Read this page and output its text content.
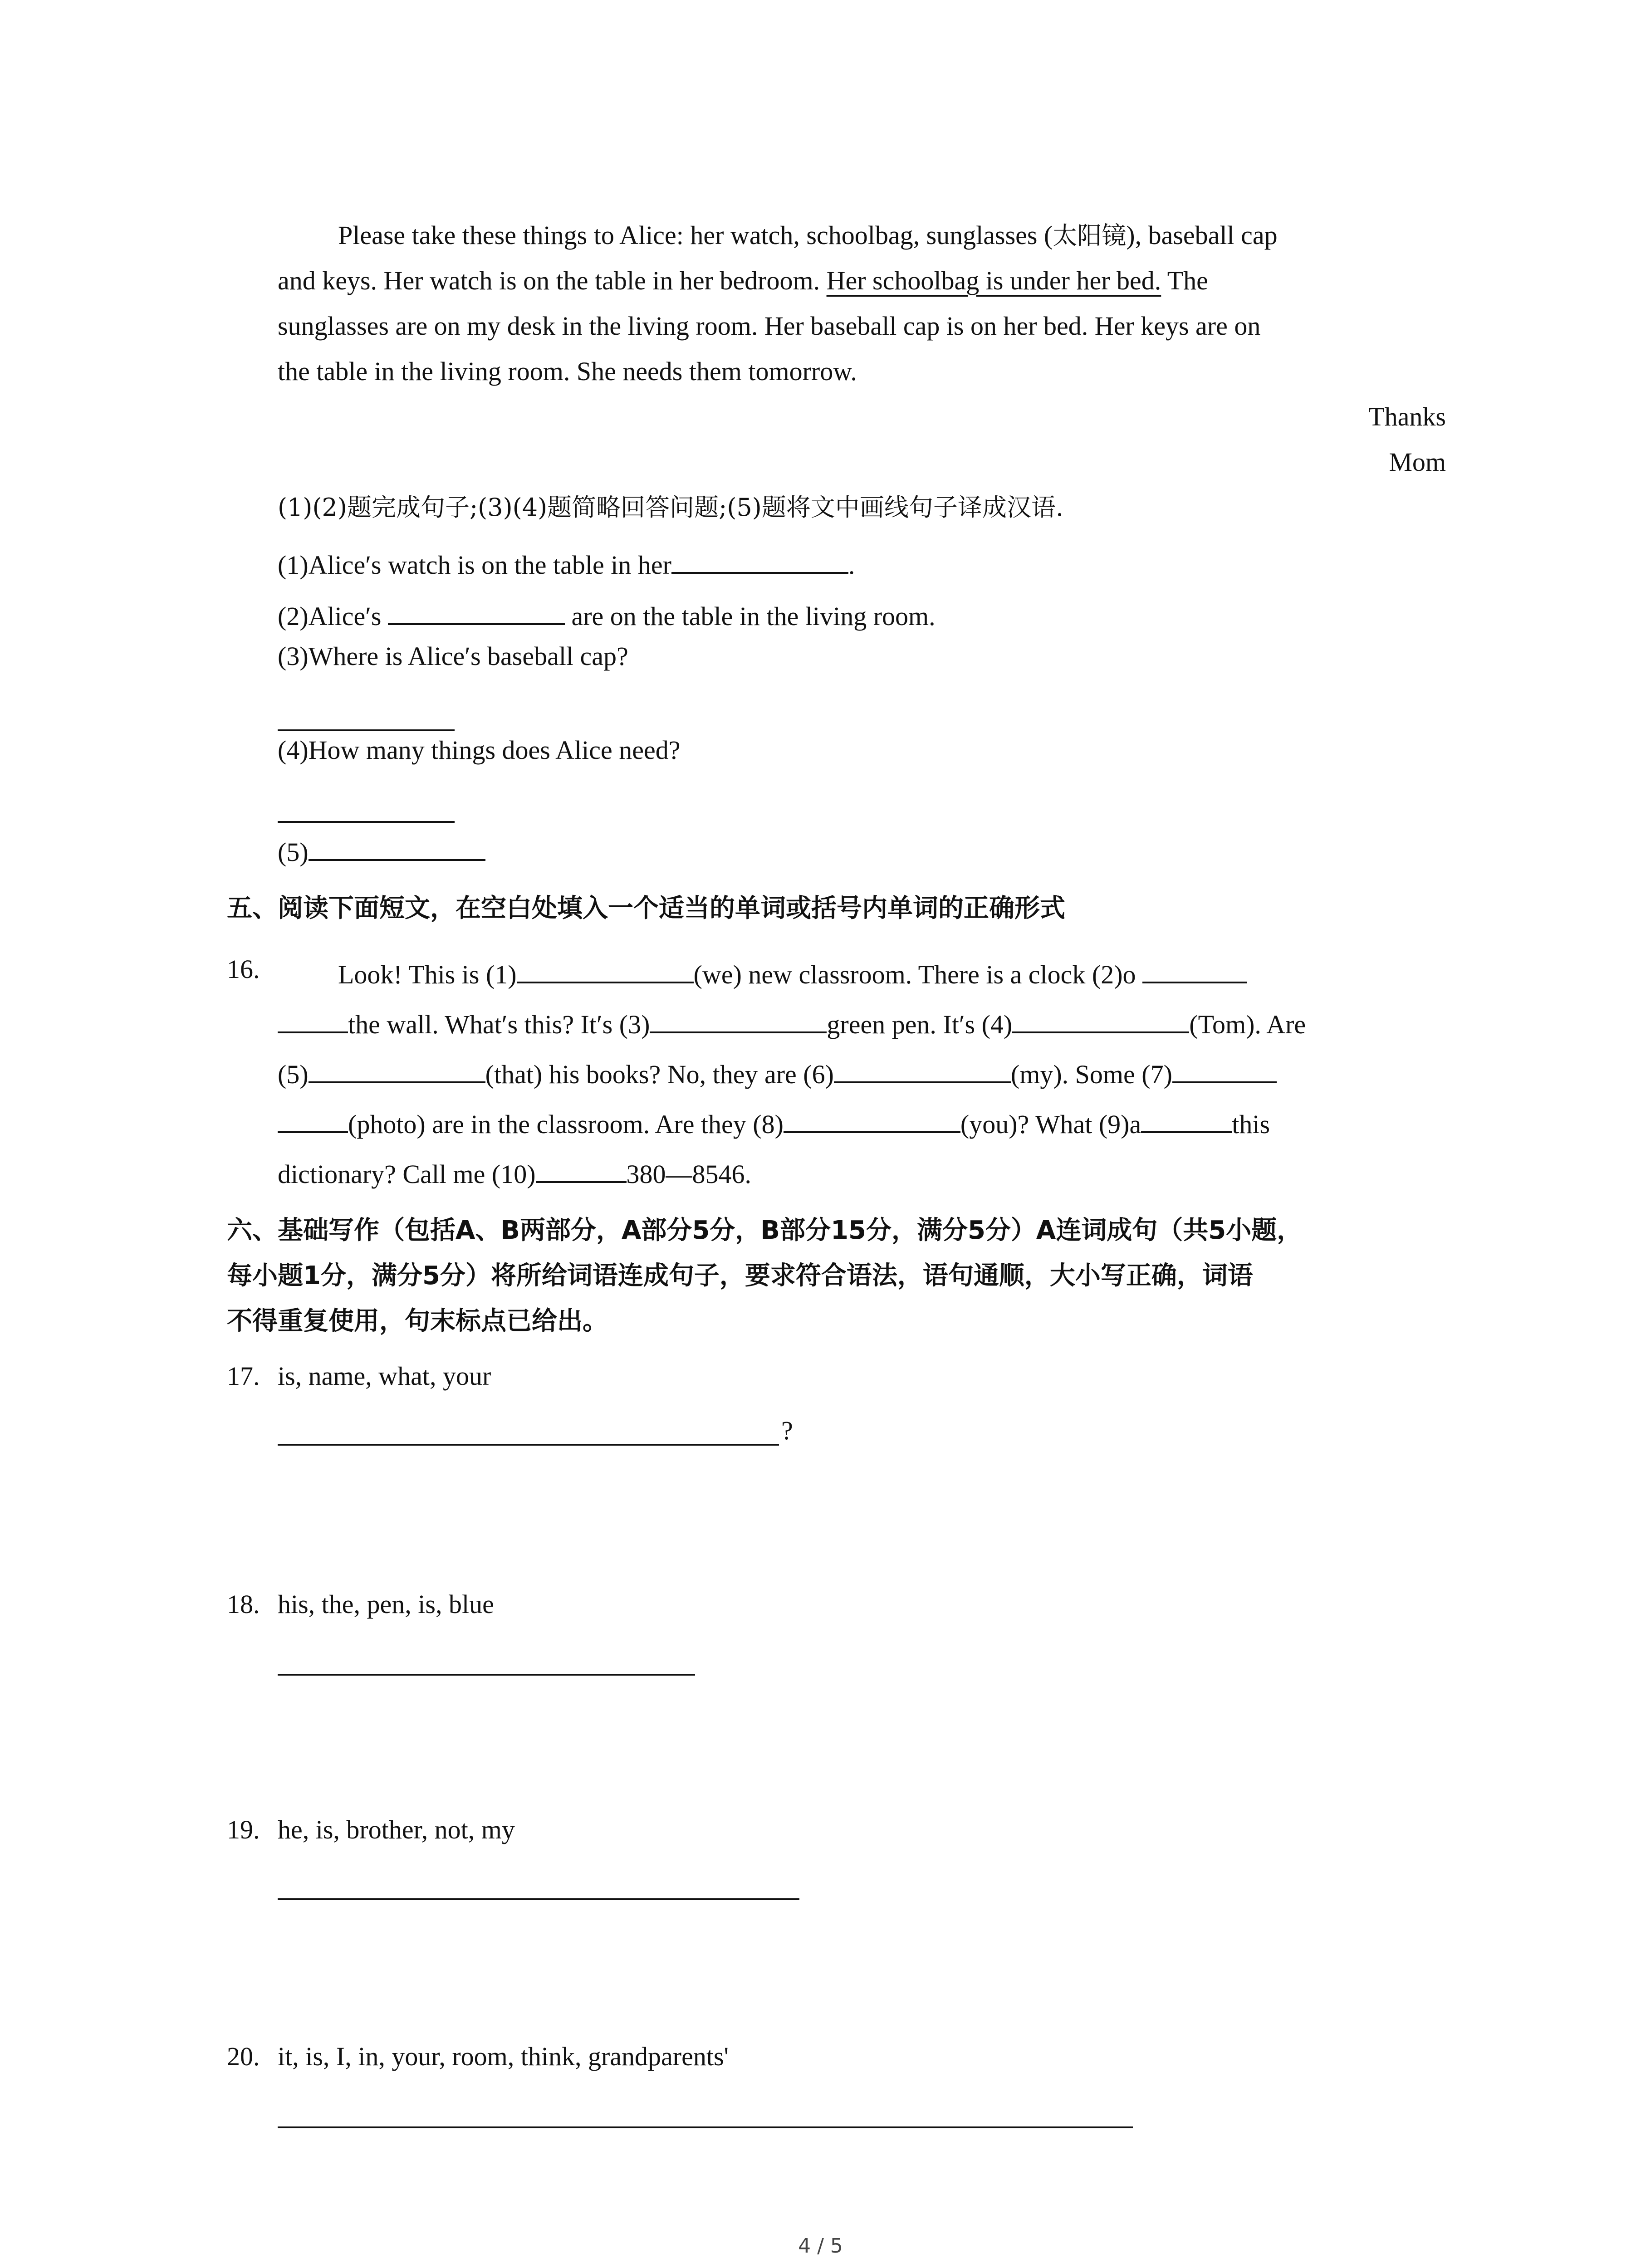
Please take these things to Alice: her watch, schoolbag, sunglasses (太阳镜), baseball cap
and keys. Her watch is on the table in her bedroom. Her schoolbag is under her bed. The
sunglasses are on my desk in the living room. Her baseball cap is on her bed. Her keys are on
the table in the living room. She needs them tomorrow.
Thanks
Mom
(1)(2)题完成句子;(3)(4)题简略回答问题;(5)题将文中画线句子译成汉语.
(1)Alice′s watch is on the table in her	.
(2)Alice′s	are on the table in the living room.
(3)Where is Alice′s baseball cap?
(4)How many things does Alice need?
(5)
五、阅读下面短文，在空白处填入一个适当的单词或括号内单词的正确形式
16.	Look! This is (1)	(we) new classroom. There is a clock (2)o
the wall. What′s this? It′s (3)	green pen. It′s (4)	(Tom). Are
(5)	(that) his books? No, they are (6)	(my). Some (7)
(photo) are in the classroom. Are they (8)	(you)? What (9)a	this
dictionary? Call me (10)	380—8546.
六、基础写作（包括A、B两部分，A部分5分，B部分15分，满分5分）A连词成句（共5小题，
每小题1分，满分5分）将所给词语连成句子，要求符合语法，语句通顺，大小写正确，词语
不得重复使用，句末标点已给出。
17. is, name, what, your
?
18. his, the, pen, is, blue
19. he, is, brother, not, my
20. it, is, I, in, your, room, think, grandparents'
4 / 5
